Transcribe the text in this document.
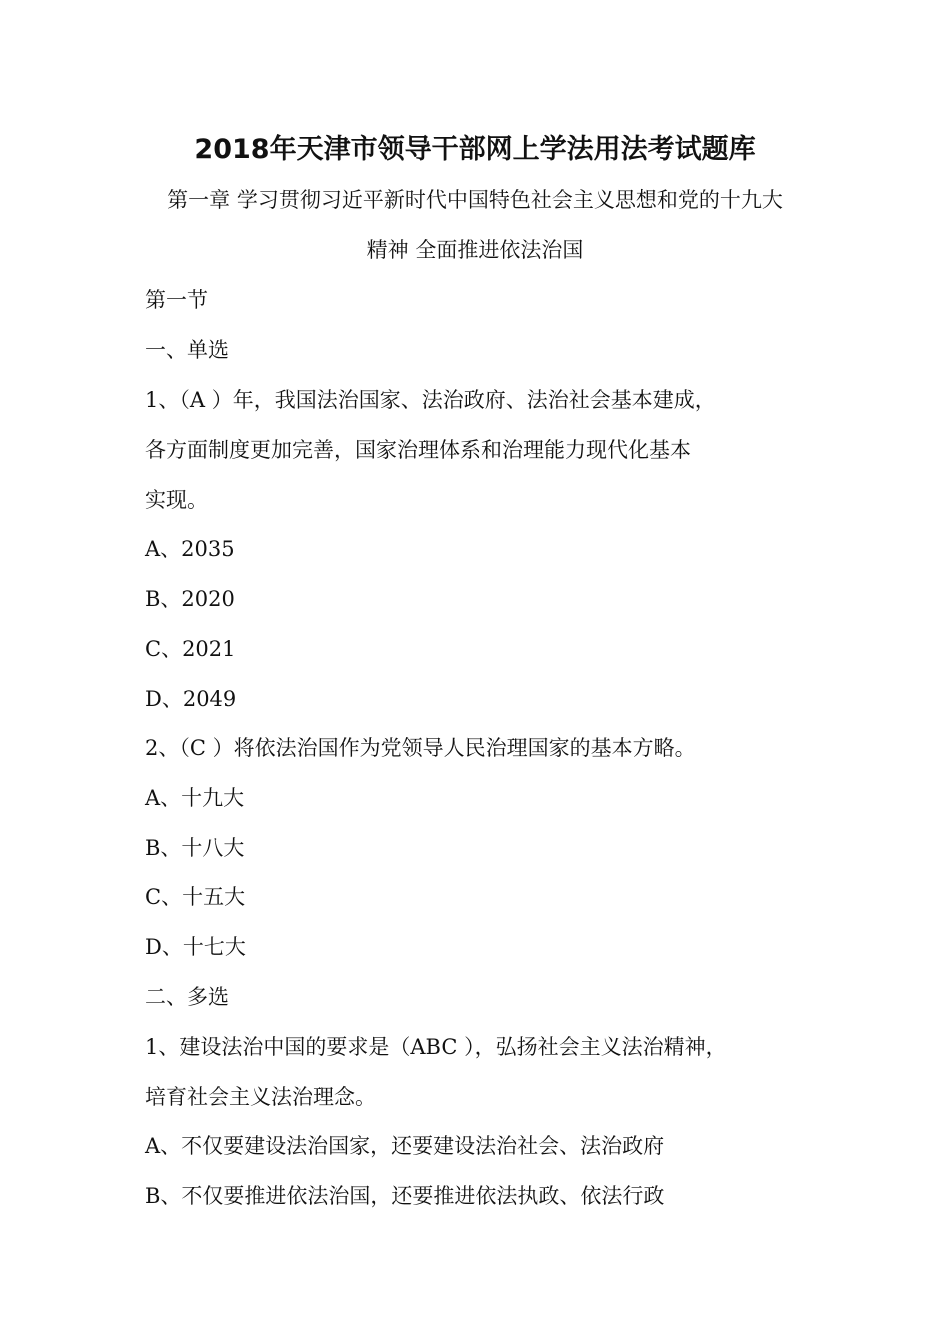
2018年天津市领导干部网上学法用法考试题库
第一章 学习贯彻习近平新时代中国特色社会主义思想和党的十九大
精神 全面推进依法治国
第一节
一、单选
1、（A ）年，我国法治国家、法治政府、法治社会基本建成，
各方面制度更加完善，国家治理体系和治理能力现代化基本
实现。
A、2035
B、2020
C、2021
D、2049
2、（C ）将依法治国作为党领导人民治理国家的基本方略。
A、十九大
B、十八大
C、十五大
D、十七大
二、多选
1、建设法治中国的要求是（ABC ），弘扬社会主义法治精神，
培育社会主义法治理念。
A、不仅要建设法治国家，还要建设法治社会、法治政府
B、不仅要推进依法治国，还要推进依法执政、依法行政
